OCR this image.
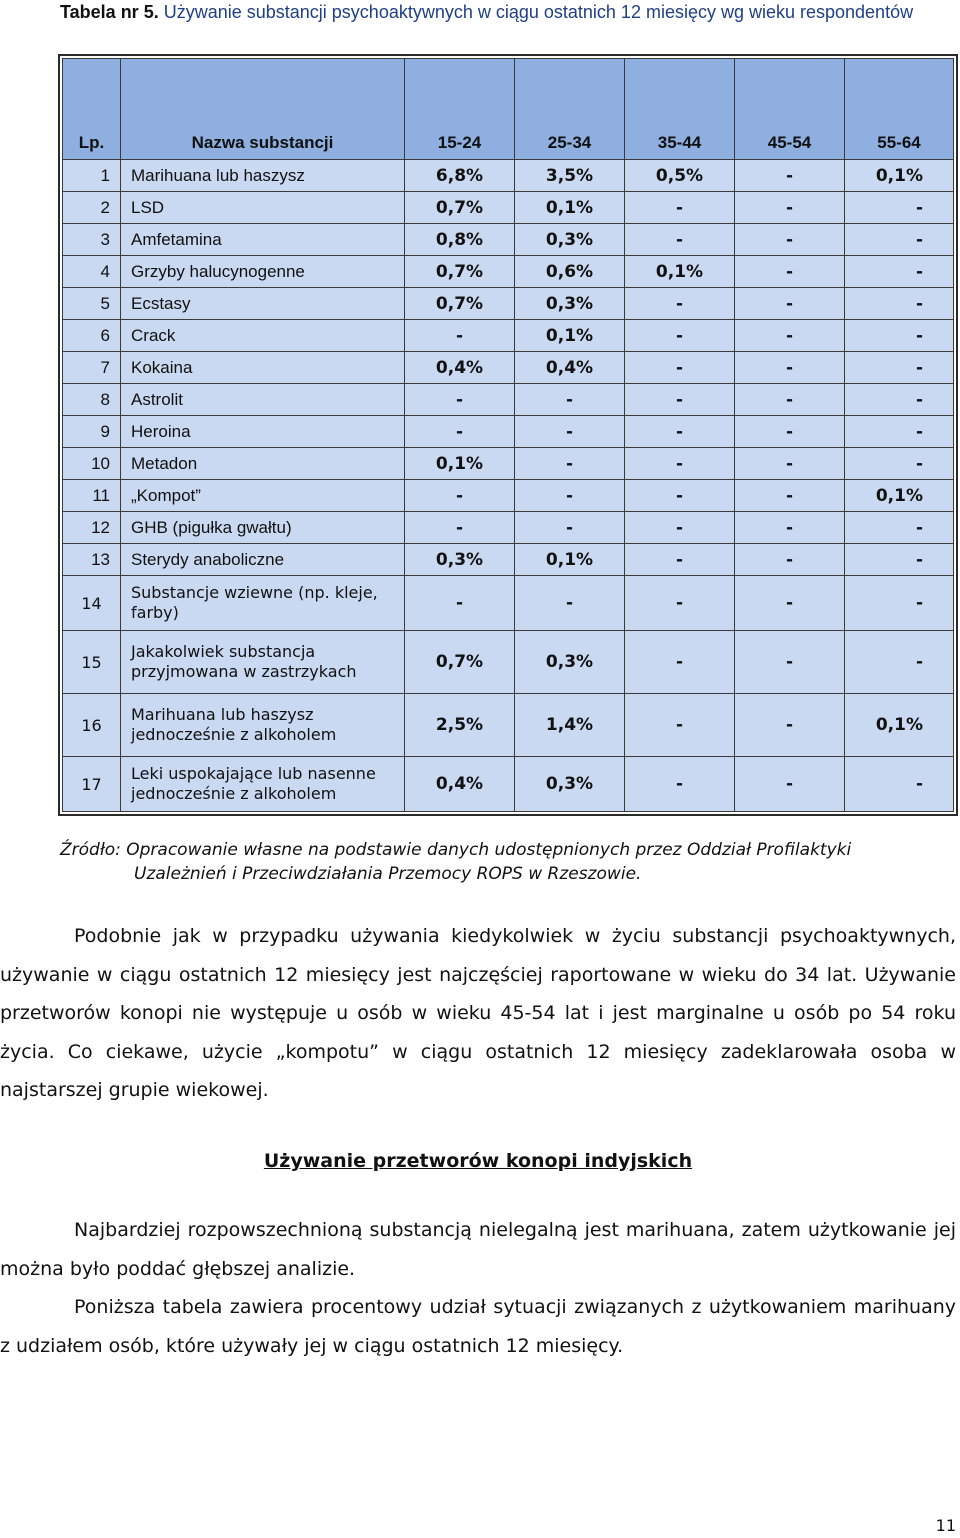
Tabela nr 5. Używanie substancji psychoaktywnych w ciągu ostatnich 12 miesięcy wg wieku respondentów
Lp.	Nazwa substancji	15-24	25-34	35-44	45-54	55-64
1	Marihuana lub haszysz	6,8%	3,5%	0,5%	-	0,1%
2	LSD	0,7%	0,1%	-	-	-
3	Amfetamina	0,8%	0,3%	-	-	-
4	Grzyby halucynogenne	0,7%	0,6%	0,1%	-	-
5	Ecstasy	0,7%	0,3%	-	-	-
6	Crack	-	0,1%	-	-	-
7	Kokaina	0,4%	0,4%	-	-	-
8	Astrolit	-	-	-	-	-
9	Heroina	-	-	-	-	-
10	Metadon	0,1%	-	-	-	-
11	„Kompot”	-	-	-	-	0,1%
12	GHB (pigułka gwałtu)	-	-	-	-	-
13	Sterydy anaboliczne	0,3%	0,1%	-	-	-
14	Substancje wziewne (np. kleje, farby)	-	-	-	-	-
15	Jakakolwiek substancja przyjmowana w zastrzykach	0,7%	0,3%	-	-	-
16	Marihuana lub haszysz jednocześnie z alkoholem	2,5%	1,4%	-	-	0,1%
17	Leki uspokajające lub nasenne jednocześnie z alkoholem	0,4%	0,3%	-	-	-
Źródło: Opracowanie własne na podstawie danych udostępnionych przez Oddział Profilaktyki
Uzależnień i Przeciwdziałania Przemocy ROPS w Rzeszowie.
Podobnie jak w przypadku używania kiedykolwiek w życiu substancji psychoaktywnych, używanie w ciągu ostatnich 12 miesięcy jest najczęściej raportowane w wieku do 34 lat. Używanie przetworów konopi nie występuje u osób w wieku 45-54 lat i jest marginalne u osób po 54 roku życia. Co ciekawe, użycie „kompotu” w ciągu ostatnich 12 miesięcy zadeklarowała osoba w najstarszej grupie wiekowej.
Używanie przetworów konopi indyjskich
Najbardziej rozpowszechnioną substancją nielegalną jest marihuana, zatem użytkowanie jej można było poddać głębszej analizie.
Poniższa tabela zawiera procentowy udział sytuacji związanych z użytkowaniem marihuany z udziałem osób, które używały jej w ciągu ostatnich 12 miesięcy.
11
